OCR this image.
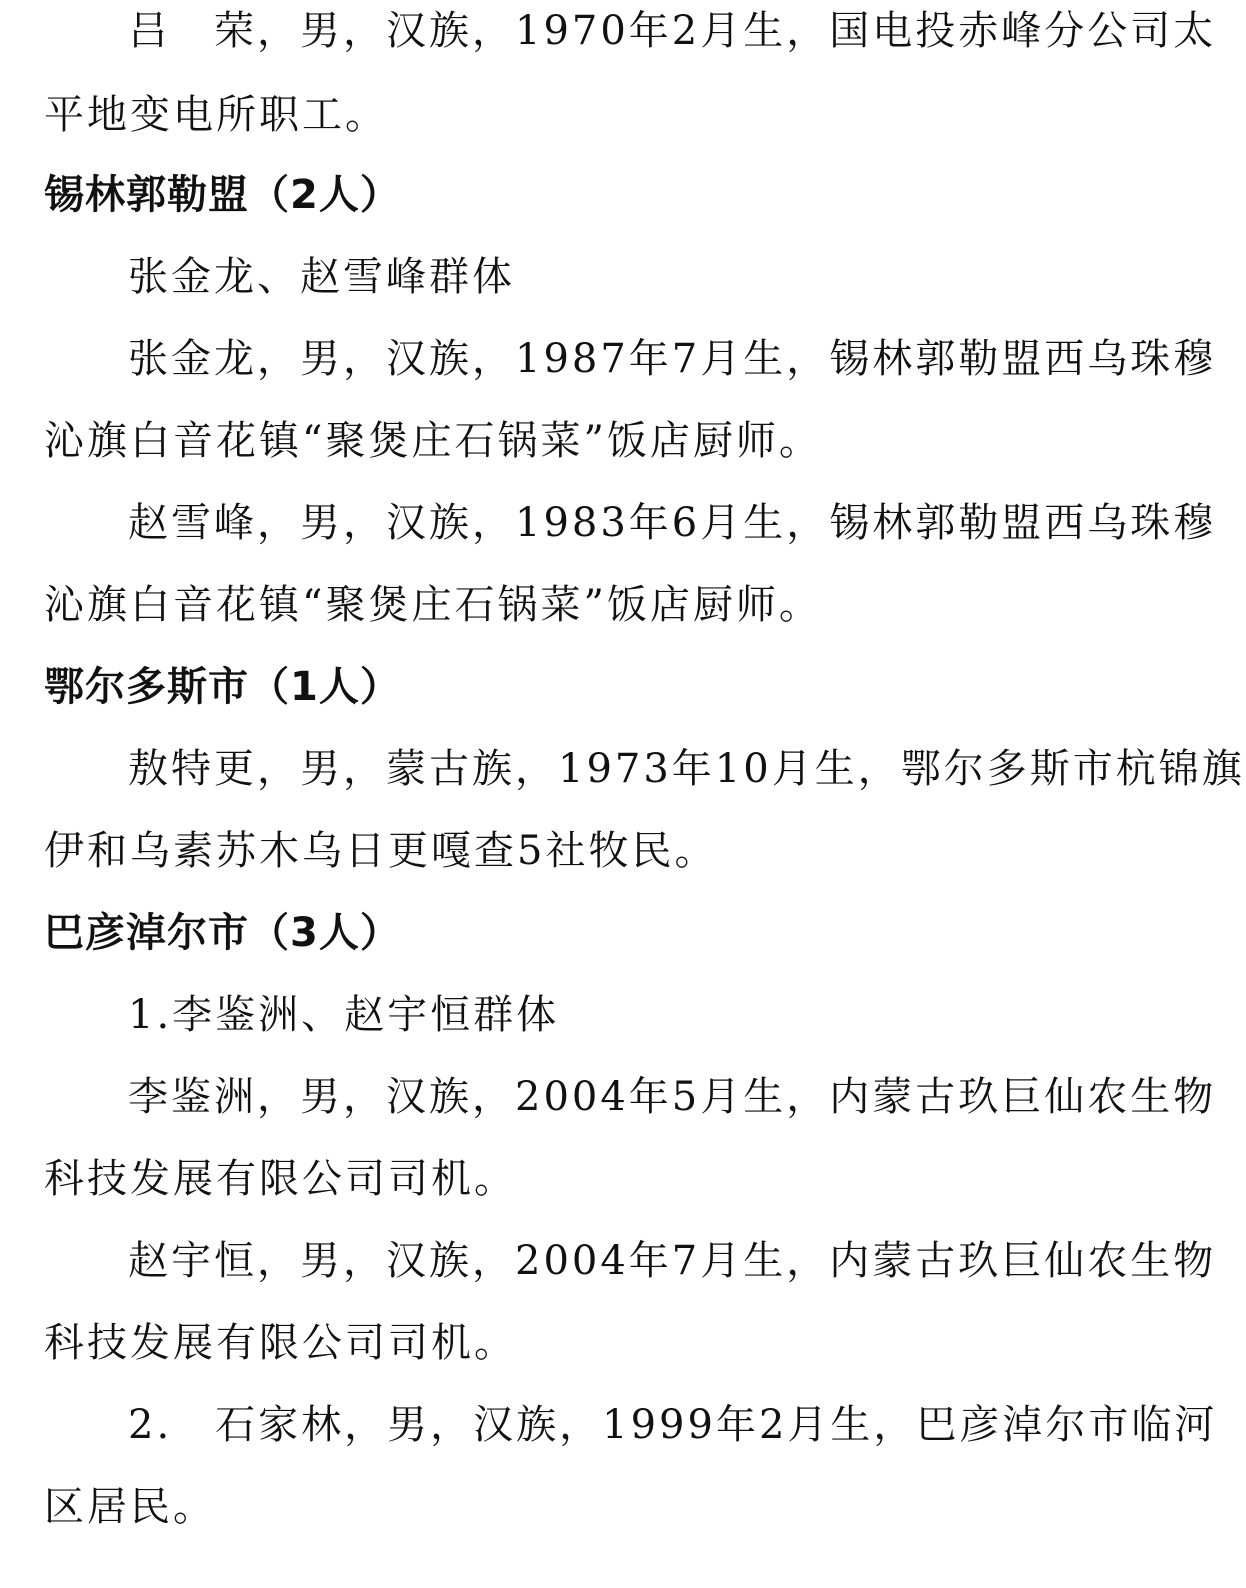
吕　荣，男，汉族，1970年2月生，国电投赤峰分公司太
平地变电所职工。
锡林郭勒盟（2人）
张金龙、赵雪峰群体
张金龙，男，汉族，1987年7月生，锡林郭勒盟西乌珠穆
沁旗白音花镇“聚煲庄石锅菜”饭店厨师。
赵雪峰，男，汉族，1983年6月生，锡林郭勒盟西乌珠穆
沁旗白音花镇“聚煲庄石锅菜”饭店厨师。
鄂尔多斯市（1人）
敖特更，男，蒙古族，1973年10月生，鄂尔多斯市杭锦旗
伊和乌素苏木乌日更嘎查5社牧民。
巴彦淖尔市（3人）
1.李鉴洲、赵宇恒群体
李鉴洲，男，汉族，2004年5月生，内蒙古玖巨仙农生物
科技发展有限公司司机。
赵宇恒，男，汉族，2004年7月生，内蒙古玖巨仙农生物
科技发展有限公司司机。
2.　石家林，男，汉族，1999年2月生，巴彦淖尔市临河
区居民。
